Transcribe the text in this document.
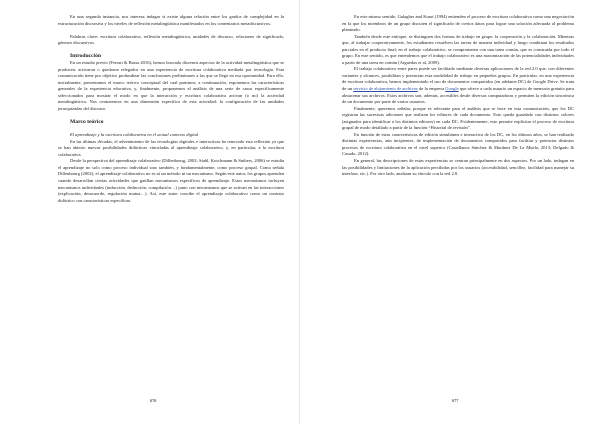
En una segunda instancia, nos interesa indagar si existe alguna relación entre los grados de complejidad en la estructuración discursiva y los niveles de reflexión metalingüística manifestados en los comentarios metadiscursivos.

Palabras clave: escritura colaborativa, reflexión metalingüística, unidades de discurso, relaciones de significado, géneros discursivos.

Introducción

En un estudio previo (Ferrari & Bassa 2016), hemos buscado discernir aspectos de la actividad metalingüística que se producen, activaron o quedaron relegados en una experiencia de escritura colaborativa mediada por tecnología. Esta comunicación tiene por objetivo profundizar las conclusiones preliminares a las que se llegó en esa oportunidad. Para ello, inicialmente, presentamos el marco teórico conceptual del cual partimos; a continuación, exponemos las características generales de la experiencia educativa, y, finalmente, proponemos el análisis de una serie de casos específicamente seleccionados para mostrar el modo en que la interacción y escritura colaborativa activan (o no) la actividad metalingüística. Nos centraremos en una dimensión específica de esta actividad: la configuración de las unidades jerarquizadas del discurso.

Marco teórico
El aprendizaje y la escritura colaborativa en el actual contexto digital

En las últimas décadas, el advenimiento de las tecnologías digitales e interactivas ha renovado esta reflexión ya que se han abierto nuevas posibilidades didácticas vinculadas al aprendizaje colaborativo, y, en particular, a la escritura colaborativa.

Desde la perspectiva del aprendizaje colaborativo (Dillenbourg, 2002; Stahl, Koschmann & Suthers, 2006) se estudia el aprendizaje no solo como proceso individual sino también, y fundamentalmente, como proceso grupal. Como señala Dillenbourg (2002), el aprendizaje colaborativo no es ni un método ni un mecanismo. Según este autor, los grupos aprenden cuando desarrollan ciertas actividades que gatillan mecanismos específicos de aprendizaje. Estos mecanismos incluyen mecanismos individuales (inducción, deducción, compilación…) junto con mecanismos que se activan en las interacciones (explicación, desacuerdo, regulación mutua…). Así, este autor concibe el aprendizaje colaborativo como un contrato didáctico con características específicas.

676

En este mismo sentido, Galagher and Kraut (1994) entienden el proceso de escritura colaborativa como una negociación en la que los miembros de un grupo discuten el significado de ciertos datos para lograr una solución adecuada al problema planteado.

También desde este enfoque, se distinguen dos formas de trabajo en grupo: la cooperación y la colaboración. Mientras que, al trabajar cooperativamente, los estudiantes resuelven las tareas de manera individual y luego combinan los resultados parciales en el producto final; en el trabajo colaborativo, se comprometen con una tarea común, que es construida por todo el grupo. En este sentido, es que entendemos que el trabajo colaborativo es una maximización de las potencialidades individuales a partir de una tarea en común (Arguedas et al, 2009).

El trabajo colaborativo entre pares puede ser facilitado mediante diversas aplicaciones de la red 2.0 que, con diferentes variantes y alcances, posibilitan y potencian esta modalidad de trabajo en pequeños grupos. En particular, en una experiencia de escritura colaborativa, hemos implementado el uso de documentos compartidos (en adelante DC) de Google Drive. Se trata de un servicio de alojamiento de archivos de la empresa Google que ofrece a cada usuario un espacio de memoria gratuito para almacenar sus archivos. Estos archivos son, además, accesibles desde diversas computadoras y permiten la edición sincrónica de un documento por parte de varios usuarios.

Finalmente, queremos señalar, porque es relevante para el análisis que se hace en esta comunicación, que los DC registran las sucesivas adiciones que realizan los editores de cada documento. Esto queda guardado con distintos colores (asignados para identificar a los distintos editores) en cada DC. Evidentemente, esto permite explicitar el proceso de escritura grupal de modo detallado a partir de la función “Historial de revisión”.

En función de estas características de edición simultánea e interactiva de los DC, en los últimos años, se han realizado distintas experiencias, aún incipientes, de implementación de documentos compartidos para facilitar y potenciar distintos procesos de escritura colaborativa en el nivel superior (Castellanos Sánchez & Martínez De La Muela, 2013; Delgado & Casado, 2012).

En general, las descripciones de estas experiencias se centran principalmente en dos aspectos. Por un lado, indagan en las posibilidades y limitaciones de la aplicación percibidas por los usuarios (accesibilidad, sencillez, facilidad para manejar su interfase, etc.). Por otro lado, analizan su vínculo con la red 2.0.

677
